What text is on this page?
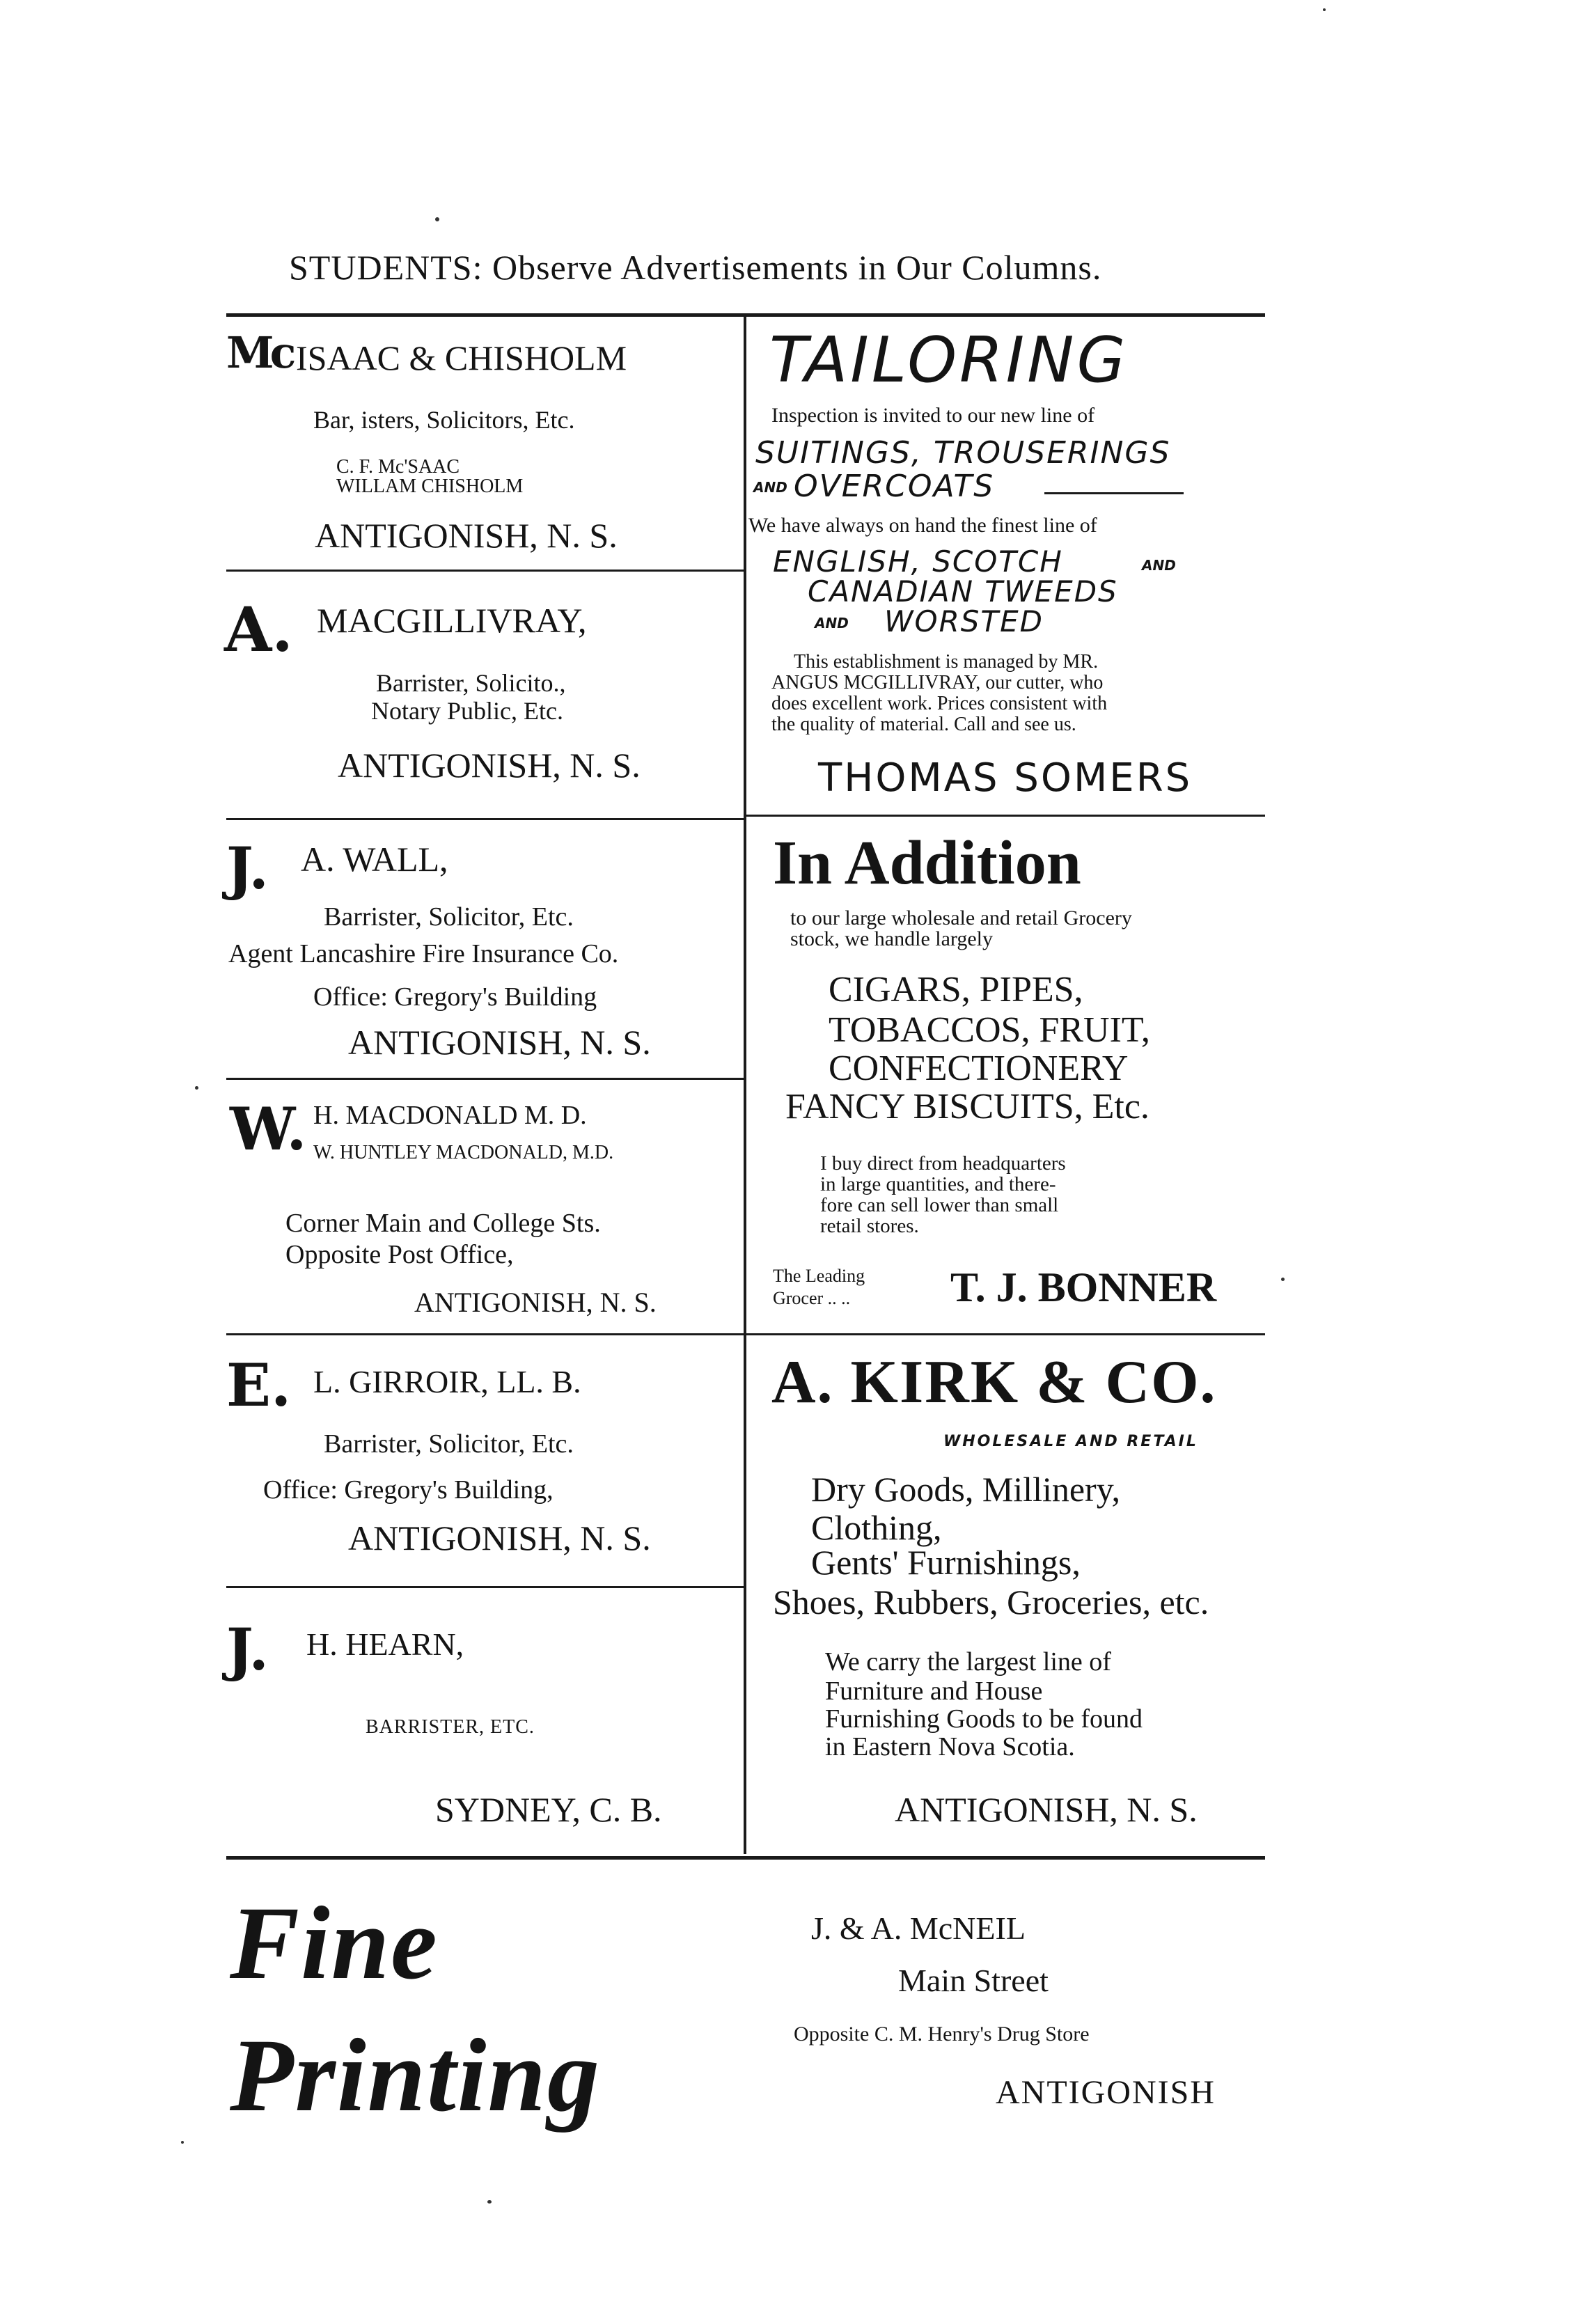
STUDENTS: Observe Advertisements in Our Columns.
Mc ISAAC & CHISHOLM
Bar, isters, Solicitors, Etc.
C. F. Mc'SAAC
WILLAM CHISHOLM
ANTIGONISH, N. S.
A. MACGILLIVRAY,
Barrister, Solicito.,
Notary Public, Etc.
ANTIGONISH, N. S.
J. A. WALL,
Barrister, Solicitor, Etc.
Agent Lancashire Fire Insurance Co.
Office: Gregory's Building
ANTIGONISH, N. S.
W. H. MACDONALD M. D.
W. HUNTLEY MACDONALD, M.D.
Corner Main and College Sts.
Opposite Post Office,
ANTIGONISH, N. S.
E. L. GIRROIR, LL. B.
Barrister, Solicitor, Etc.
Office: Gregory's Building,
ANTIGONISH, N. S.
J. H. HEARN,
BARRISTER, ETC.
SYDNEY, C. B.
TAILORING
Inspection is invited to our new line of
SUITINGS, TROUSERINGS
AND OVERCOATS
We have always on hand the finest line of
ENGLISH, SCOTCH	AND
CANADIAN TWEEDS
AND WORSTED
This establishment is managed by MR.
ANGUS MCGILLIVRAY, our cutter, who
does excellent work. Prices consistent with
the quality of material. Call and see us.
THOMAS SOMERS
In Addition
to our large wholesale and retail Grocery
stock, we handle largely
CIGARS, PIPES,
TOBACCOS, FRUIT,
CONFECTIONERY
FANCY BISCUITS, Etc.
I buy direct from headquarters
in large quantities, and there-
fore can sell lower than small
retail stores.
The Leading
Grocer .. .. T. J. BONNER
A. KIRK & CO.
WHOLESALE AND RETAIL
Dry Goods, Millinery,
Clothing,
Gents' Furnishings,
Shoes, Rubbers, Groceries, etc.
We carry the largest line of
Furniture and House
Furnishing Goods to be found
in Eastern Nova Scotia.
ANTIGONISH, N. S.
Fine
Printing
J. & A. McNEIL
Main Street
Opposite C. M. Henry's Drug Store
ANTIGONISH
